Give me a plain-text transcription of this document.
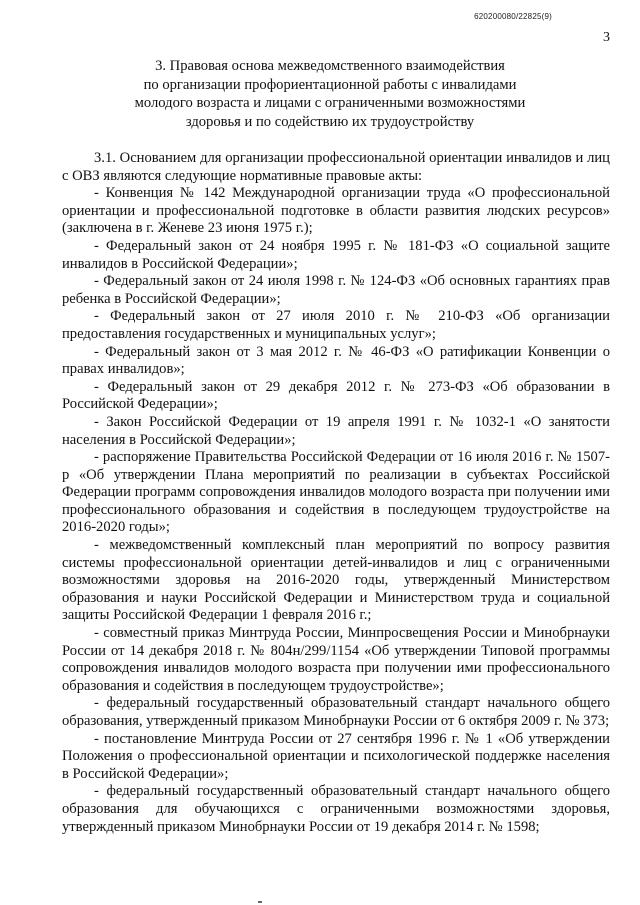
620200080/22825(9)
3
3. Правовая основа межведомственного взаимодействия
по организации профориентационной работы с инвалидами
молодого возраста и лицами с ограниченными возможностями
здоровья и по содействию их трудоустройству

3.1. Основанием для организации профессиональной ориентации инвалидов и лиц с ОВЗ являются следующие нормативные правовые акты:

- Конвенция № 142 Международной организации труда «О профессиональной ориентации и профессиональной подготовке в области развития людских ресурсов» (заключена в г. Женеве 23 июня 1975 г.);

- Федеральный закон от 24 ноября 1995 г. № 181-ФЗ «О социальной защите инвалидов в Российской Федерации»;

- Федеральный закон от 24 июля 1998 г. № 124-ФЗ «Об основных гарантиях прав ребенка в Российской Федерации»;

- Федеральный закон от 27 июля 2010 г. № 210-ФЗ «Об организации предоставления государственных и муниципальных услуг»;

- Федеральный закон от 3 мая 2012 г. № 46-ФЗ «О ратификации Конвенции о правах инвалидов»;

- Федеральный закон от 29 декабря 2012 г. № 273-ФЗ «Об образовании в Российской Федерации»;

- Закон Российской Федерации от 19 апреля 1991 г. № 1032-1 «О занятости населения в Российской Федерации»;

- распоряжение Правительства Российской Федерации от 16 июля 2016 г. № 1507-р «Об утверждении Плана мероприятий по реализации в субъектах Российской Федерации программ сопровождения инвалидов молодого возраста при получении ими профессионального образования и содействия в последующем трудоустройстве на 2016-2020 годы»;

- межведомственный комплексный план мероприятий по вопросу развития системы профессиональной ориентации детей-инвалидов и лиц с ограниченными возможностями здоровья на 2016-2020 годы, утвержденный Министерством образования и науки Российской Федерации и Министерством труда и социальной защиты Российской Федерации 1 февраля 2016 г.;

- совместный приказ Минтруда России, Минпросвещения России и Минобрнауки России от 14 декабря 2018 г. № 804н/299/1154 «Об утверждении Типовой программы сопровождения инвалидов молодого возраста при получении ими профессионального образования и содействия в последующем трудоустройстве»;

- федеральный государственный образовательный стандарт начального общего образования, утвержденный приказом Минобрнауки России от 6 октября 2009 г. № 373;

- постановление Минтруда России от 27 сентября 1996 г. № 1 «Об утверждении Положения о профессиональной ориентации и психологической поддержке населения в Российской Федерации»;

- федеральный государственный образовательный стандарт начального общего образования для обучающихся с ограниченными возможностями здоровья, утвержденный приказом Минобрнауки России от 19 декабря 2014 г. № 1598;
